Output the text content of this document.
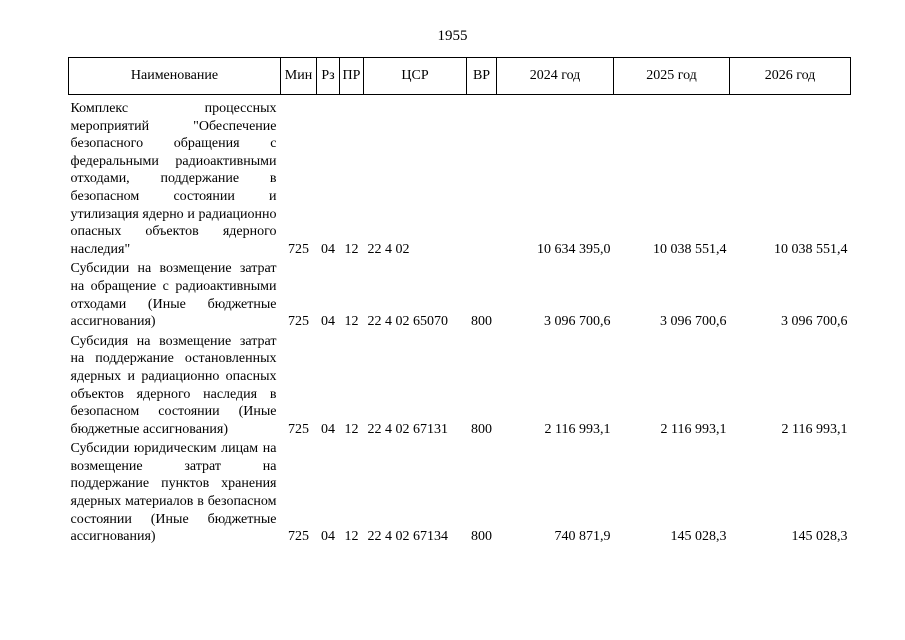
1955
Наименование	Мин	Рз	ПР	ЦСР	ВР	2024 год	2025 год	2026 год
Комплекс процессных мероприятий "Обеспечение безопасного обращения с федеральными радиоактивными отходами, поддержание в безопасном состоянии и утилизация ядерно и радиационно опасных объектов ядерного наследия"	725	04	12	22 4 02		10 634 395,0	10 038 551,4	10 038 551,4
Субсидии на возмещение затрат на обращение с радиоактивными отходами (Иные бюджетные ассигнования)	725	04	12	22 4 02 65070	800	3 096 700,6	3 096 700,6	3 096 700,6
Субсидия на возмещение затрат на поддержание остановленных ядерных и радиационно опасных объектов ядерного наследия в безопасном состоянии (Иные бюджетные ассигнования)	725	04	12	22 4 02 67131	800	2 116 993,1	2 116 993,1	2 116 993,1
Субсидии юридическим лицам на возмещение затрат на поддержание пунктов хранения ядерных материалов в безопасном состоянии (Иные бюджетные ассигнования)	725	04	12	22 4 02 67134	800	740 871,9	145 028,3	145 028,3
